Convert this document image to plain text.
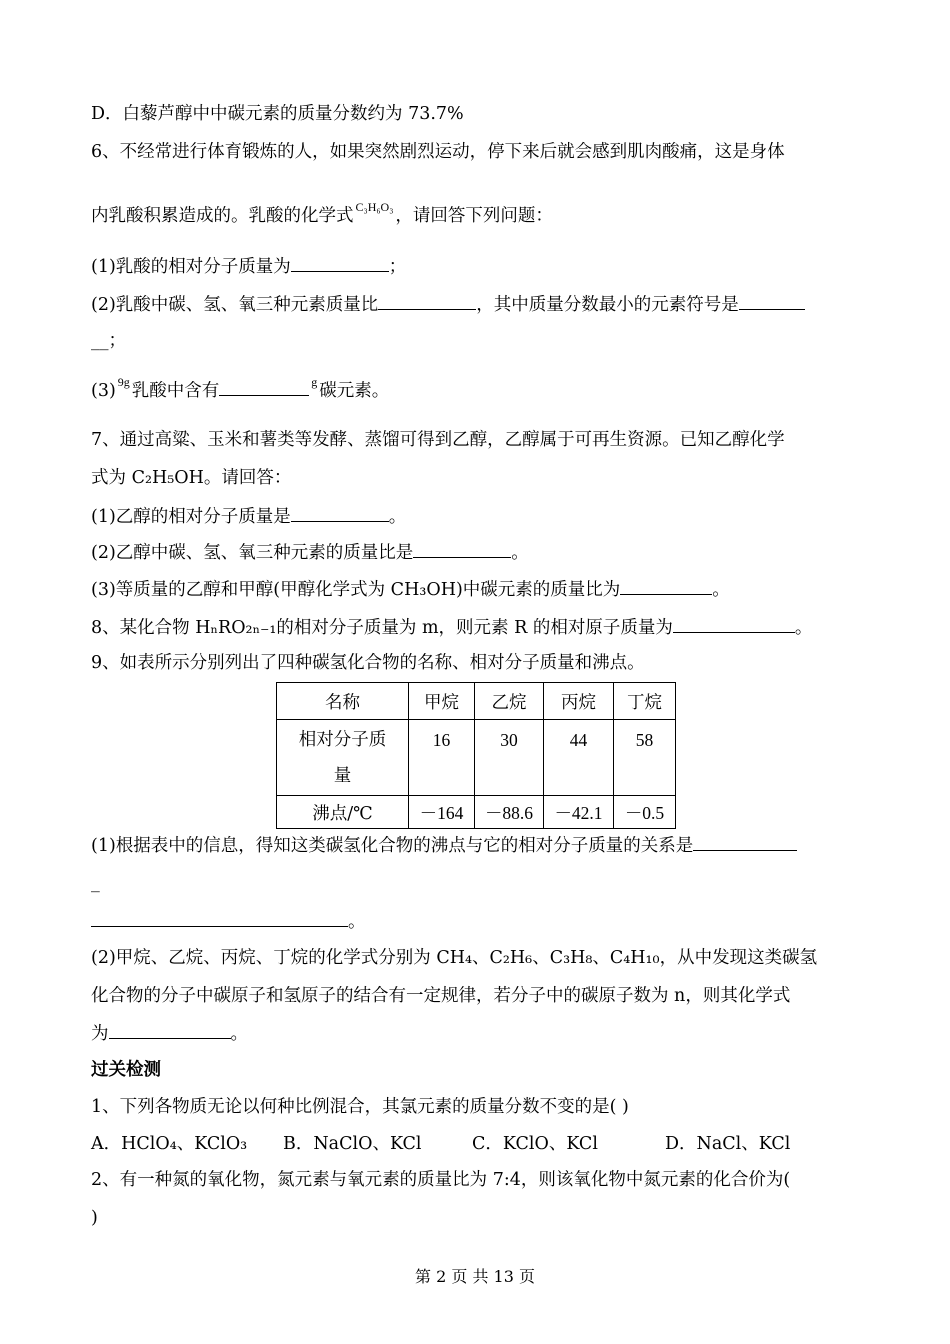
D．白藜芦醇中中碳元素的质量分数约为 73.7%
6、不经常进行体育锻炼的人，如果突然剧烈运动，停下来后就会感到肌肉酸痛，这是身体
内乳酸积累造成的。乳酸的化学式 $^{C_3H_6O_3}$ ，请回答下列问题：
(1)乳酸的相对分子质量为	；
(2)乳酸中碳、氢、氧三种元素质量比	，其中质量分数最小的元素符号是
__；
(3) $^{9g}$ 乳酸中含有	$^g$ 碳元素。
7、通过高粱、玉米和薯类等发酵、蒸馏可得到乙醇，乙醇属于可再生资源。已知乙醇化学
式为 C₂H₅OH。请回答：
(1)乙醇的相对分子质量是	。
(2)乙醇中碳、氢、氧三种元素的质量比是	。
(3)等质量的乙醇和甲醇(甲醇化学式为 CH₃OH)中碳元素的质量比为	。
8、某化合物 HₙRO₂ₙ₋₁的相对分子质量为 m，则元素 R 的相对原子质量为	。
9、如表所示分别列出了四种碳氢化合物的名称、相对分子质量和沸点。
名称	甲烷	乙烷	丙烷	丁烷

相对分子质
量	16	30	44	58
沸点/℃	－164	－88.6	－42.1	－0.5
(1)根据表中的信息，得知这类碳氢化合物的沸点与它的相对分子质量的关系是
_
。
(2)甲烷、乙烷、丙烷、丁烷的化学式分别为 CH₄、C₂H₆、C₃H₈、C₄H₁₀，从中发现这类碳氢
化合物的分子中碳原子和氢原子的结合有一定规律，若分子中的碳原子数为 n，则其化学式
为	。
过关检测
1、下列各物质无论以何种比例混合，其氯元素的质量分数不变的是( )
A．HClO₄、KClO₃ B．NaClO、KCl	C．KClO、KCl	D．NaCl、KCl
2、有一种氮的氧化物，氮元素与氧元素的质量比为 7:4，则该氧化物中氮元素的化合价为(
)
第 2 页 共 13 页
